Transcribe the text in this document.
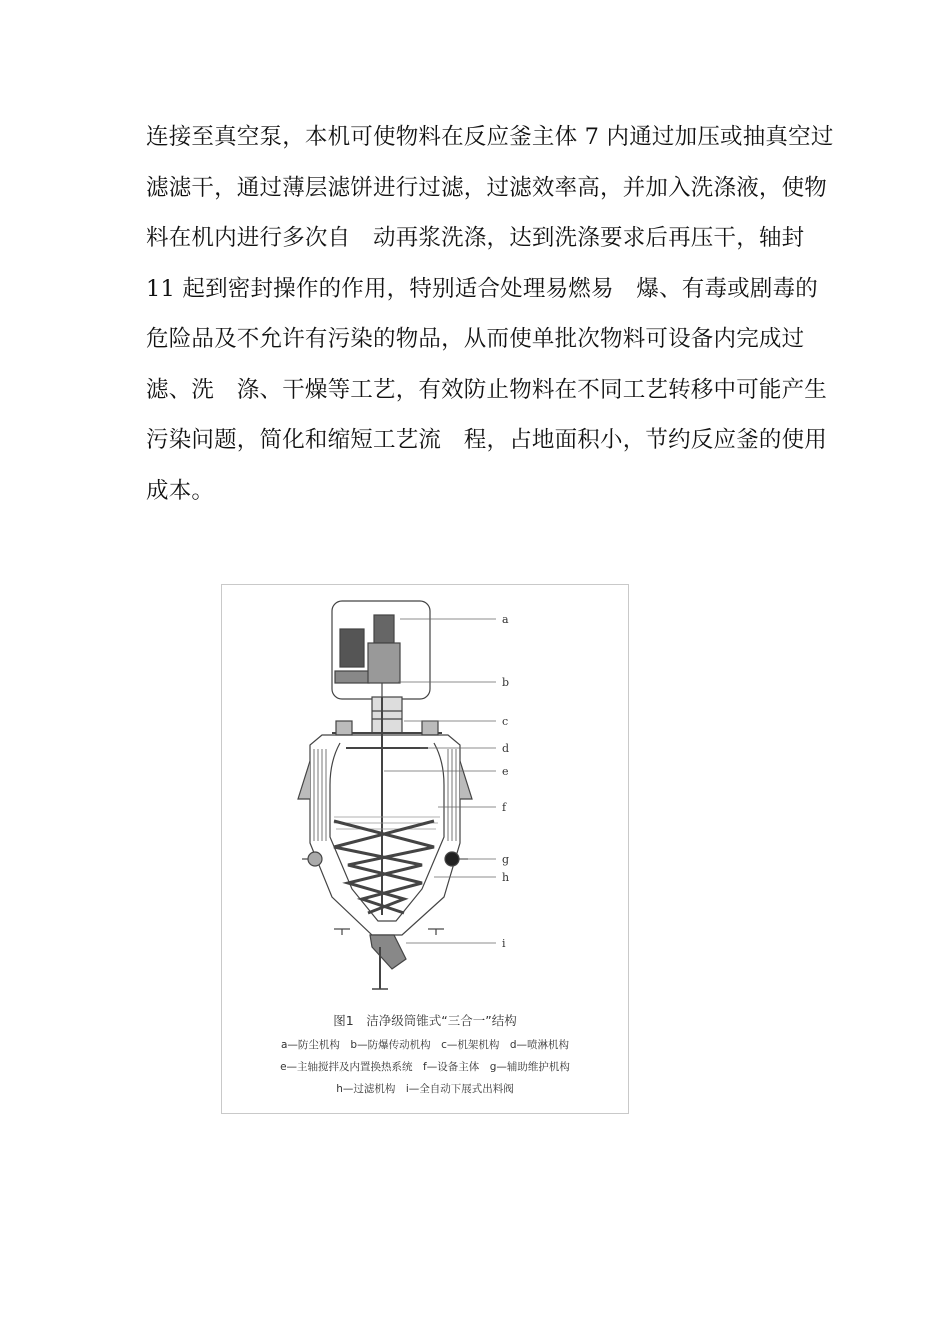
连接至真空泵，本机可使物料在反应釜主体 7 内通过加压或抽真空过
滤滤干，通过薄层滤饼进行过滤，过滤效率高，并加入洗涤液，使物
料在机内进行多次自　动再浆洗涤，达到洗涤要求后再压干，轴封
11 起到密封操作的作用，特别适合处理易燃易　爆、有毒或剧毒的
危险品及不允许有污染的物品，从而使单批次物料可设备内完成过
滤、洗　涤、干燥等工艺，有效防止物料在不同工艺转移中可能产生
污染问题，简化和缩短工艺流　程，占地面积小，节约反应釜的使用
成本。
a
b
c
d
e
f
g
h
i
图1　洁净级筒锥式“三合一”结构
a—防尘机构　b—防爆传动机构　c—机架机构　d—喷淋机构
e—主轴搅拌及内置换热系统　f—设备主体　g—辅助维护机构
h—过滤机构　i—全自动下展式出料阀
